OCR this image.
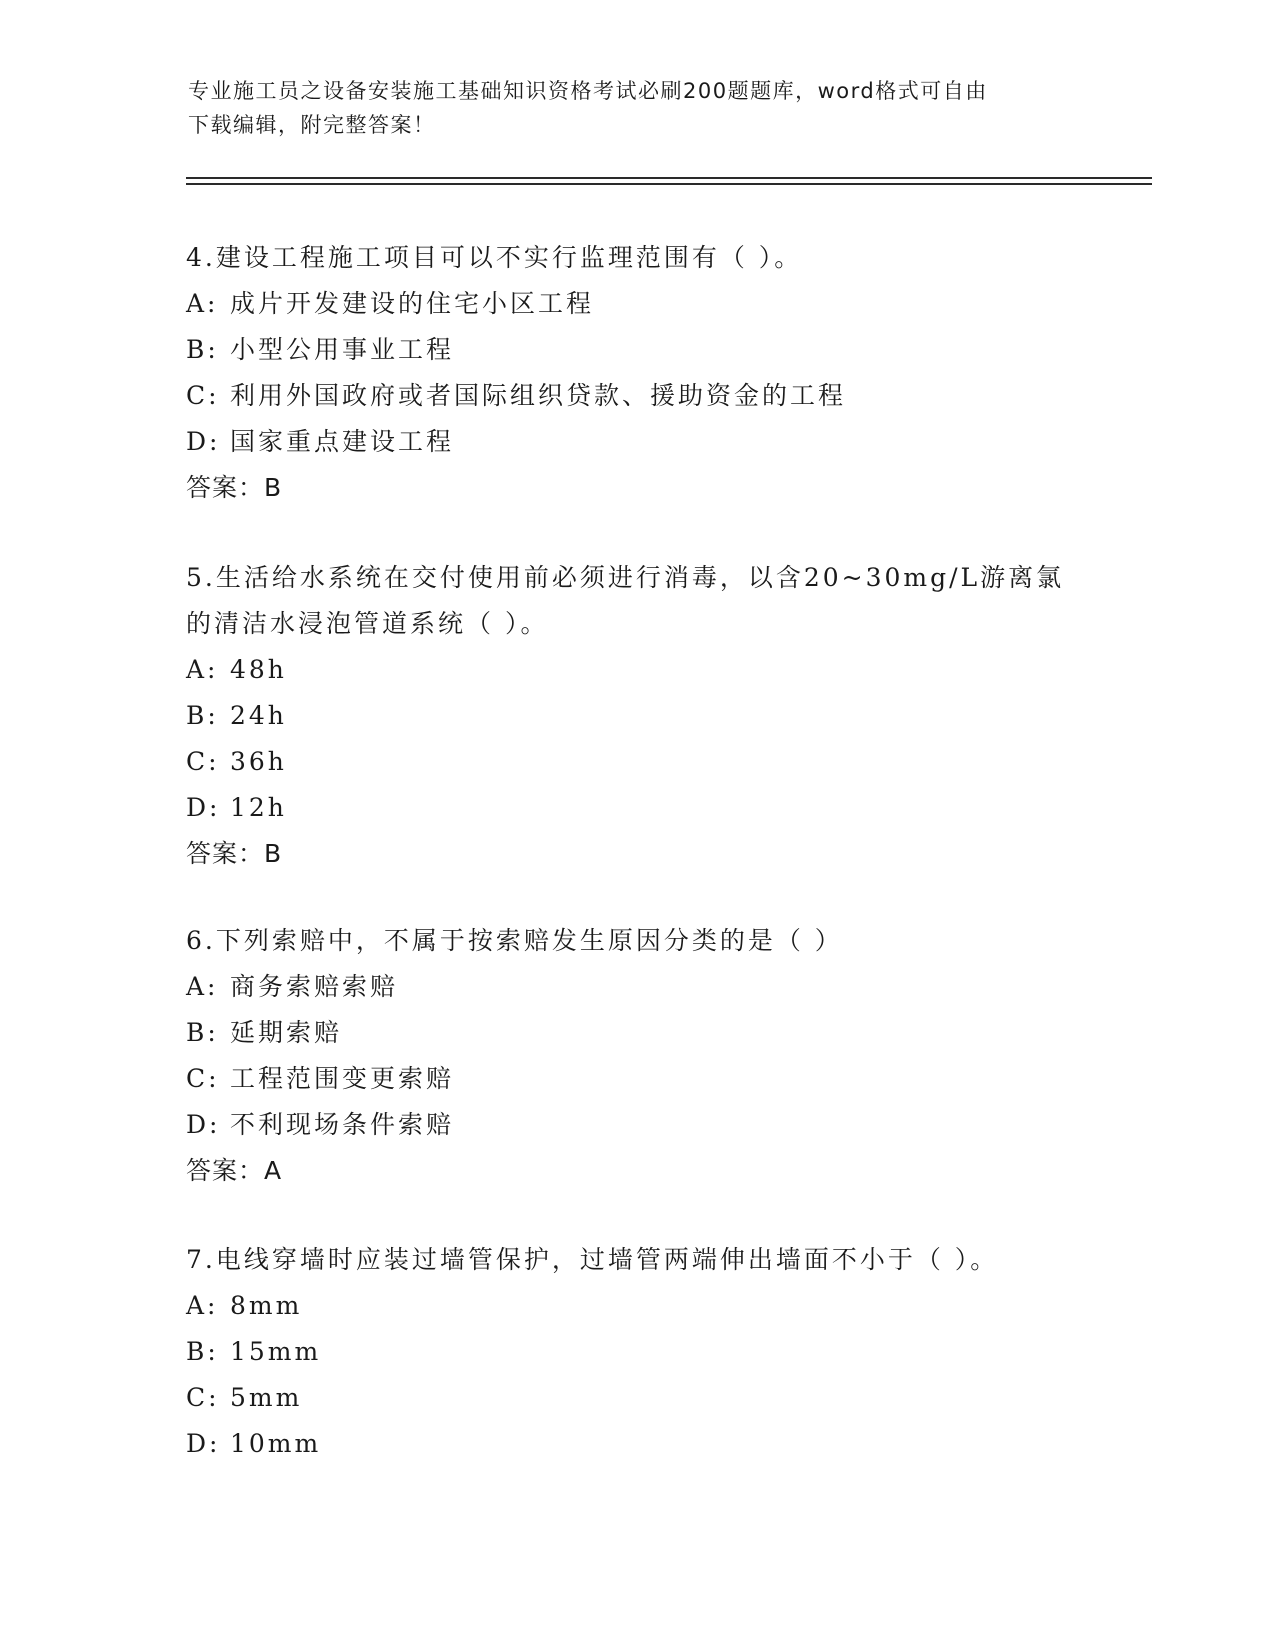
专业施工员之设备安装施工基础知识资格考试必刷200题题库，word格式可自由
下载编辑，附完整答案！
4.建设工程施工项目可以不实行监理范围有（ ）。
A: 成片开发建设的住宅小区工程
B: 小型公用事业工程
C: 利用外国政府或者国际组织贷款、援助资金的工程
D: 国家重点建设工程
答案：B
5.生活给水系统在交付使用前必须进行消毒，以含20~30mg/L游离氯
的清洁水浸泡管道系统（ ）。
A: 48h
B: 24h
C: 36h
D: 12h
答案：B
6.下列索赔中，不属于按索赔发生原因分类的是（ ）
A: 商务索赔索赔
B: 延期索赔
C: 工程范围变更索赔
D: 不利现场条件索赔
答案：A
7.电线穿墙时应装过墙管保护，过墙管两端伸出墙面不小于（ ）。
A: 8mm
B: 15mm
C: 5mm
D: 10mm
